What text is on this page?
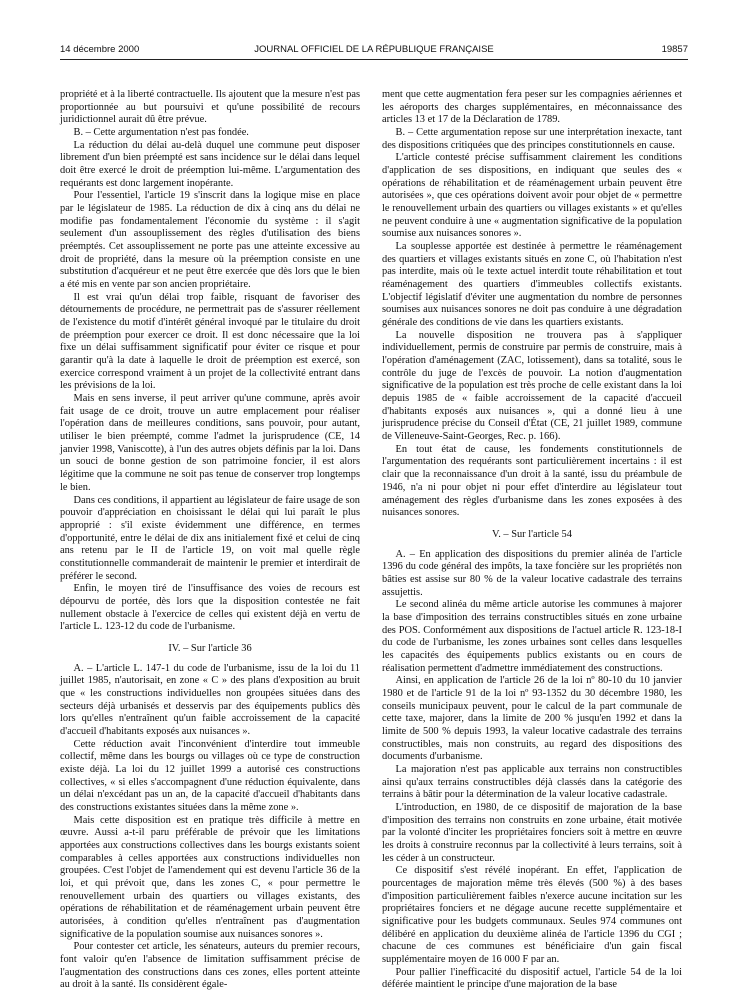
14 décembre 2000	JOURNAL OFFICIEL DE LA RÉPUBLIQUE FRANÇAISE	19857

propriété et à la liberté contractuelle. Ils ajoutent que la mesure n'est pas proportionnée au but poursuivi et qu'une possibilité de recours juridictionnel aurait dû être prévue.

B. – Cette argumentation n'est pas fondée.

La réduction du délai au-delà duquel une commune peut disposer librement d'un bien préempté est sans incidence sur le délai dans lequel doit être exercé le droit de préemption lui-même. L'argumentation des requérants est donc largement inopérante.

Pour l'essentiel, l'article 19 s'inscrit dans la logique mise en place par le législateur de 1985. La réduction de dix à cinq ans du délai ne modifie pas fondamentalement l'économie du système : il s'agit seulement d'un assouplissement des règles d'utilisation des biens préemptés. Cet assouplissement ne porte pas une atteinte excessive au droit de propriété, dans la mesure où la préemption consiste en une substitution d'acquéreur et ne peut être exercée que dès lors que le bien a été mis en vente par son ancien propriétaire.

Il est vrai qu'un délai trop faible, risquant de favoriser des détournements de procédure, ne permettrait pas de s'assurer réellement de l'existence du motif d'intérêt général invoqué par le titulaire du droit de préemption pour exercer ce droit. Il est donc nécessaire que la loi fixe un délai suffisamment significatif pour éviter ce risque et pour garantir qu'à la date à laquelle le droit de préemption est exercé, son exercice correspond vraiment à un projet de la collectivité entrant dans les prévisions de la loi.

Mais en sens inverse, il peut arriver qu'une commune, après avoir fait usage de ce droit, trouve un autre emplacement pour réaliser l'opération dans de meilleures conditions, sans pouvoir, pour autant, utiliser le bien préempté, comme l'admet la jurisprudence (CE, 14 janvier 1998, Vaniscotte), à l'un des autres objets définis par la loi. Dans un souci de bonne gestion de son patrimoine foncier, il est alors légitime que la commune ne soit pas tenue de conserver trop longtemps le bien.

Dans ces conditions, il appartient au législateur de faire usage de son pouvoir d'appréciation en choisissant le délai qui lui paraît le plus approprié : s'il existe évidemment une différence, en termes d'opportunité, entre le délai de dix ans initialement fixé et celui de cinq ans retenu par le II de l'article 19, on voit mal quelle règle constitutionnelle commanderait de maintenir le premier et interdirait de préférer le second.

Enfin, le moyen tiré de l'insuffisance des voies de recours est dépourvu de portée, dès lors que la disposition contestée ne fait nullement obstacle à l'exercice de celles qui existent déjà en vertu de l'article L. 123-12 du code de l'urbanisme.

IV. – Sur l'article 36

A. – L'article L. 147-1 du code de l'urbanisme, issu de la loi du 11 juillet 1985, n'autorisait, en zone « C » des plans d'exposition au bruit que « les constructions individuelles non groupées situées dans des secteurs déjà urbanisés et desservis par des équipements publics dès lors qu'elles n'entraînent qu'un faible accroissement de la capacité d'accueil d'habitants exposés aux nuisances ».

Cette réduction avait l'inconvénient d'interdire tout immeuble collectif, même dans les bourgs ou villages où ce type de construction existe déjà. La loi du 12 juillet 1999 a autorisé ces constructions collectives, « si elles s'accompagnent d'une réduction équivalente, dans un délai n'excédant pas un an, de la capacité d'accueil d'habitants dans des constructions existantes situées dans la même zone ».

Mais cette disposition est en pratique très difficile à mettre en œuvre. Aussi a-t-il paru préférable de prévoir que les limitations apportées aux constructions collectives dans les bourgs existants soient comparables à celles apportées aux constructions individuelles non groupées. C'est l'objet de l'amendement qui est devenu l'article 36 de la loi, et qui prévoit que, dans les zones C, « pour permettre le renouvellement urbain des quartiers ou villages existants, des opérations de réhabilitation et de réaménagement urbain peuvent être autorisées, à condition qu'elles n'entraînent pas d'augmentation significative de la population soumise aux nuisances sonores ».

Pour contester cet article, les sénateurs, auteurs du premier recours, font valoir qu'en l'absence de limitation suffisamment précise de l'augmentation des constructions dans ces zones, elles portent atteinte au droit à la santé. Ils considèrent égale-

ment que cette augmentation fera peser sur les compagnies aériennes et les aéroports des charges supplémentaires, en méconnaissance des articles 13 et 17 de la Déclaration de 1789.

B. – Cette argumentation repose sur une interprétation inexacte, tant des dispositions critiquées que des principes constitutionnels en cause.

L'article contesté précise suffisamment clairement les conditions d'application de ses dispositions, en indiquant que seules des « opérations de réhabilitation et de réaménagement urbain peuvent être autorisées », que ces opérations doivent avoir pour objet de « permettre le renouvellement urbain des quartiers ou villages existants » et qu'elles ne peuvent conduire à une « augmentation significative de la population soumise aux nuisances sonores ».

La souplesse apportée est destinée à permettre le réaménagement des quartiers et villages existants situés en zone C, où l'habitation n'est pas interdite, mais où le texte actuel interdit toute réhabilitation et tout réaménagement des quartiers d'immeubles collectifs existants. L'objectif législatif d'éviter une augmentation du nombre de personnes soumises aux nuisances sonores ne doit pas conduire à une dégradation générale des conditions de vie dans les quartiers existants.

La nouvelle disposition ne trouvera pas à s'appliquer individuellement, permis de construire par permis de construire, mais à l'opération d'aménagement (ZAC, lotissement), dans sa totalité, sous le contrôle du juge de l'excès de pouvoir. La notion d'augmentation significative de la population est très proche de celle existant dans la loi depuis 1985 de « faible accroissement de la capacité d'accueil d'habitants exposés aux nuisances », qui a donné lieu à une jurisprudence précise du Conseil d'État (CE, 21 juillet 1989, commune de Villeneuve-Saint-Georges, Rec. p. 166).

En tout état de cause, les fondements constitutionnels de l'argumentation des requérants sont particulièrement incertains : il est clair que la reconnaissance d'un droit à la santé, issu du préambule de 1946, n'a ni pour objet ni pour effet d'interdire au législateur tout aménagement des règles d'urbanisme dans les zones exposées à des nuisances sonores.

V. – Sur l'article 54

A. – En application des dispositions du premier alinéa de l'article 1396 du code général des impôts, la taxe foncière sur les propriétés non bâties est assise sur 80 % de la valeur locative cadastrale des terrains assujettis.

Le second alinéa du même article autorise les communes à majorer la base d'imposition des terrains constructibles situés en zone urbaine des POS. Conformément aux dispositions de l'actuel article R. 123-18-I du code de l'urbanisme, les zones urbaines sont celles dans lesquelles les capacités des équipements publics existants ou en cours de réalisation permettent d'admettre immédiatement des constructions.

Ainsi, en application de l'article 26 de la loi nº 80-10 du 10 janvier 1980 et de l'article 91 de la loi nº 93-1352 du 30 décembre 1980, les conseils municipaux peuvent, pour le calcul de la part communale de cette taxe, majorer, dans la limite de 200 % jusqu'en 1992 et dans la limite de 500 % depuis 1993, la valeur locative cadastrale des terrains constructibles, mais non construits, au regard des dispositions des documents d'urbanisme.

La majoration n'est pas applicable aux terrains non constructibles ainsi qu'aux terrains constructibles déjà classés dans la catégorie des terrains à bâtir pour la détermination de la valeur locative cadastrale.

L'introduction, en 1980, de ce dispositif de majoration de la base d'imposition des terrains non construits en zone urbaine, était motivée par la volonté d'inciter les propriétaires fonciers soit à mettre en œuvre les droits à construire reconnus par la collectivité à leurs terrains, soit à les céder à un constructeur.

Ce dispositif s'est révélé inopérant. En effet, l'application de pourcentages de majoration même très élevés (500 %) à des bases d'imposition particulièrement faibles n'exerce aucune incitation sur les propriétaires fonciers et ne dégage aucune recette supplémentaire et significative pour les budgets communaux. Seules 974 communes ont délibéré en application du deuxième alinéa de l'article 1396 du CGI ; chacune de ces communes est bénéficiaire d'un gain fiscal supplémentaire moyen de 16 000 F par an.

Pour pallier l'inefficacité du dispositif actuel, l'article 54 de la loi déférée maintient le principe d'une majoration de la base
